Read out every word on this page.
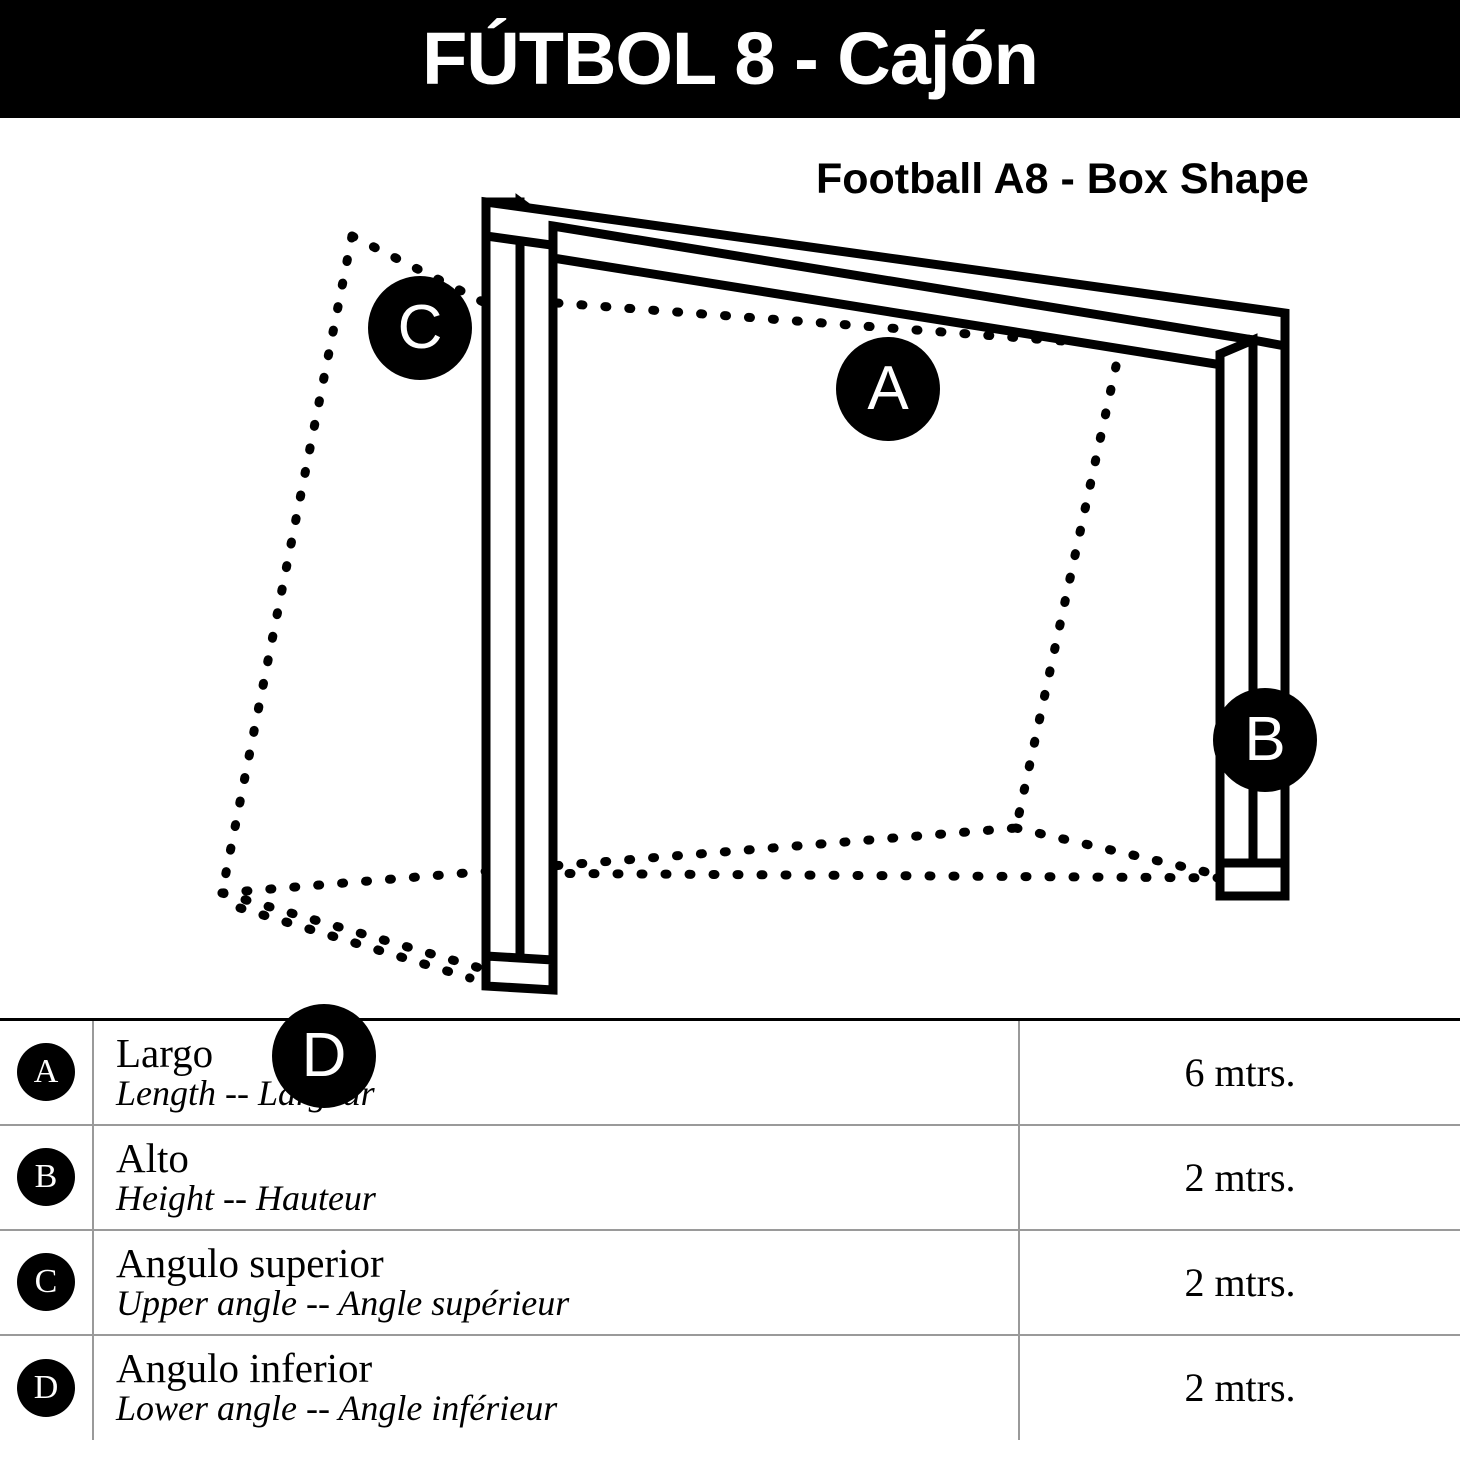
FÚTBOL 8 - Cajón
Football A8 - Box Shape
A
B
C
D
A	Largo
Length -- Largeur	6 mtrs.
B	Alto
Height -- Hauteur	2 mtrs.
C	Angulo superior
Upper angle -- Angle supérieur	2 mtrs.
D	Angulo inferior
Lower angle -- Angle inférieur	2 mtrs.
